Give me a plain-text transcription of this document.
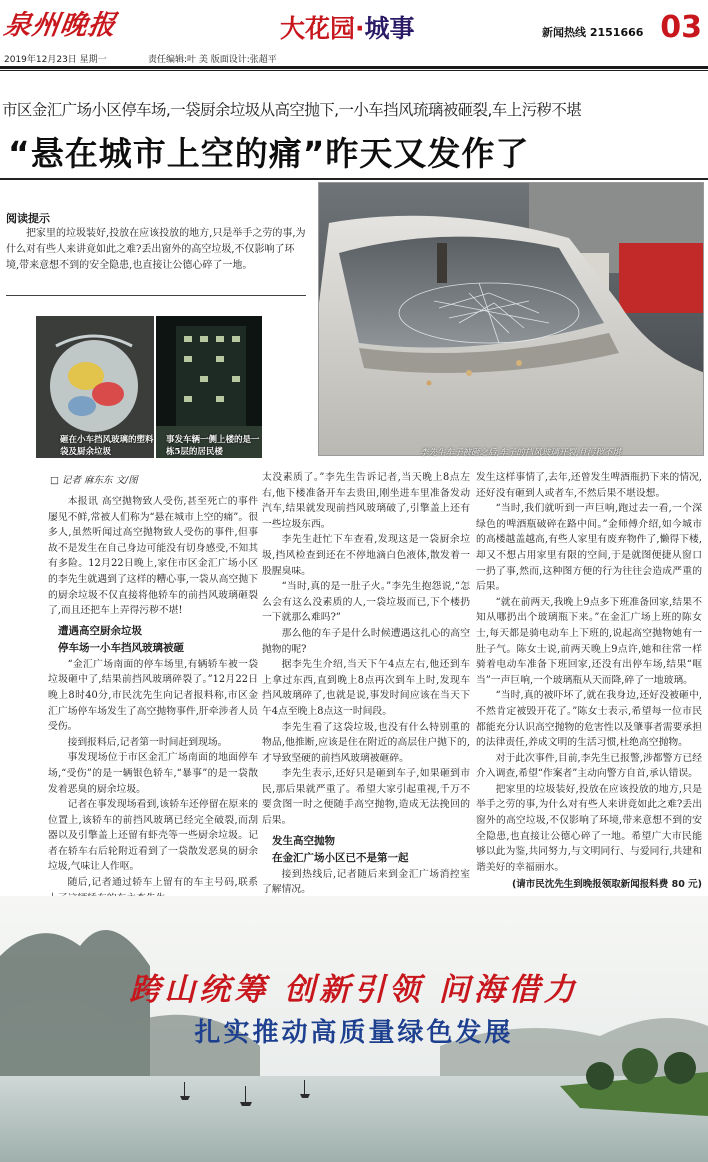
泉州晚报	大花园·城事	新闻热线 2151666 03
2019年12月23日 星期一	责任编辑:叶 美 版面设计:张超平
市区金汇广场小区停车场,一袋厨余垃圾从高空抛下,一小车挡风琉璃被砸裂,车上污秽不堪
“悬在城市上空的痛”昨天又发作了
阅读提示
把家里的垃圾装好,投放在应该投放的地方,只是举手之劳的事,为什么对有些人来讲竟如此之难?丢出窗外的高空垃圾,不仅影响了环境,带来意想不到的安全隐患,也直接让公德心碎了一地。
李先生车子被砸之后,车子的挡风玻璃开裂,且污秽不堪
砸在小车挡风玻璃的塑料袋及厨余垃圾
事发车辆一侧上楼的是一栋5层的居民楼
□ 记者 麻东东 文/图

本报讯 高空抛物致人受伤,甚至死亡的事件屡见不鲜,常被人们称为“悬在城市上空的痛”。很多人,虽然听闻过高空抛物致人受伤的事件,但事故不是发生在自己身边可能没有切身感受,不知其有多险。12月22日晚上,家住市区金汇广场小区的李先生就遇到了这样的糟心事,一袋从高空抛下的厨余垃圾不仅直接将他轿车的前挡风玻璃砸裂了,而且还把车上弄得污秽不堪!

遭遇高空厨余垃圾
停车场一小车挡风玻璃被砸

“金汇广场南面的停车场里,有辆轿车被一袋垃圾砸中了,结果前挡风玻璃碎裂了。”12月22日晚上8时40分,市民沈先生向记者报料称,市区金汇广场停车场发生了高空抛物事件,肝牵涉者人员受伤。

接到报料后,记者第一时间赶到现场。

事发现场位于市区金汇广场南面的地面停车场,“受伤”的是一辆银色轿车,“暴事”的是一袋散发着恶臭的厨余垃圾。

记者在事发现场看到,该轿车还停留在原来的位置上,该轿车的前挡风玻璃已经完全破裂,而刮器以及引擎盖上还留有虾壳等一些厨余垃圾。记者在轿车右后轮附近看到了一袋散发恶臭的厨余垃圾,气味让人作呕。

随后,记者通过轿车上留有的车主号码,联系

太没素质了。”李先生告诉记者,当天晚上8点左右,他下楼准备开车去贵田,刚坐进车里准备发动汽车,结果就发现前挡风玻璃破了,引擎盖上还有一些垃圾东西。

李先生赶忙下车查看,发现这是一袋厨余垃圾,挡风检查到还在不停地滴白色液体,散发着一股腥臭味。

“当时,真的是一肚子火。”李先生抱怨说,“怎么会有这么没素质的人,一袋垃圾而已,下个楼扔一下就那么难吗?”

那么他的车子是什么时候遭遇这扎心的高空抛物的呢?

据李先生介绍,当天下午4点左右,他还到车上拿过东西,直到晚上8点再次到车上时,发现车挡风玻璃碎了,也就是说,事发时间应该在当天下午4点至晚上8点这一时间段。

李先生看了这袋垃圾,也没有什么特别重的物品,他推断,应该是住在附近的高层住户抛下的,才导致坚硬的前挡风玻璃被砸碎。

李先生表示,还好只是砸到车子,如果砸到市民,那后果就严重了。希望大家引起重视,千万不要贪图一时之便随手高空抛物,造成无法挽回的后果。

发生高空抛物
在金汇广场小区已不是第一起

接到热线后,记者随后来到金汇广场消控室了解情况。

发生这样事情了,去年,还曾发生啤酒瓶扔下来的情况,还好没有砸到人或者车,不然后果不堪设想。

“当时,我们就听到一声巨响,跑过去一看,一个深绿色的啤酒瓶破碎在路中间。”金师傅介绍,如今城市的高楼越盖越高,有些人家里有废弃物件了,懒得下楼,却又不想占用家里有限的空间,于是就图便捷从窗口一扔了事,然而,这种图方便的行为往往会造成严重的后果。

“就在前两天,我晚上9点多下班准备回家,结果不知从哪扔出个玻璃瓶下来。”在金汇广场上班的陈女士,每天都是骑电动车上下班的,说起高空抛物她有一肚子气。陈女士说,前两天晚上9点许,她和往常一样骑着电动车准备下班回家,还没有出停车场,结果“哐当”一声巨响,一个玻璃瓶从天而降,碎了一地玻璃。

“当时,真的被吓坏了,就在我身边,还好没被砸中,不然肯定被毁开花了。”陈女士表示,希望每一位市民都能充分认识高空抛物的危害性以及肇事者需要承担的法律责任,养成文明的生活习惯,杜绝高空抛物。

对于此次事件,目前,李先生已报警,涉都警方已经介入调查,希望“作案者”主动向警方自首,承认错误。

把家里的垃圾装好,投放在应该投放的地方,只是举手之劳的事,为什么对有些人来讲竟如此之难?丢出窗外的高空垃圾,不仅影响了环境,带来意想不到的安全隐患,也直接让公德心碎了一地。希望广大市民能够以此为鉴,共同努力,与文明同行、与爱同行,共建和谐美好的幸福丽水。

(请市民沈先生到晚报领取新闻报料费 80 元)
跨山统筹 创新引领 问海借力
扎实推动高质量绿色发展
